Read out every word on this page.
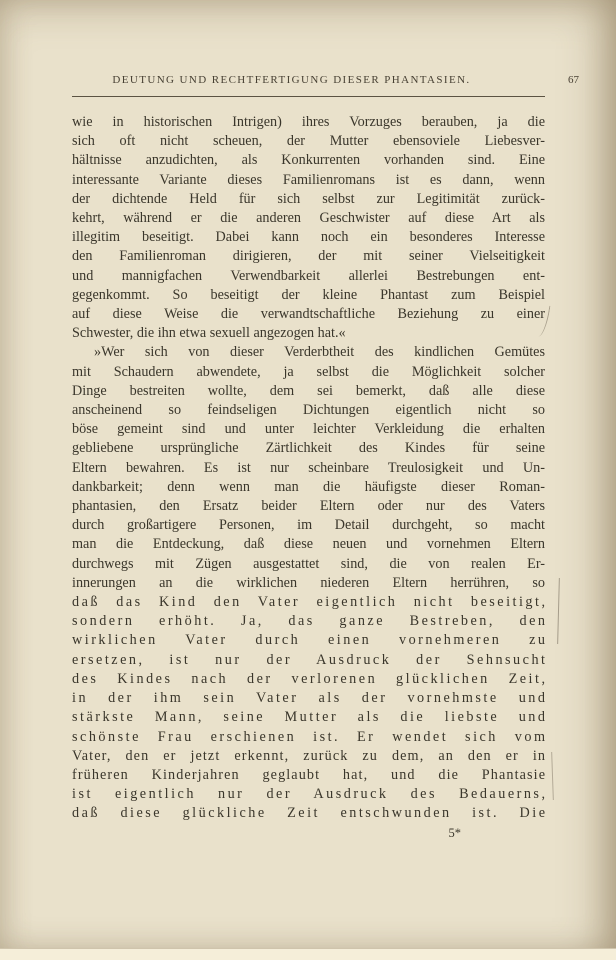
DEUTUNG UND RECHTFERTIGUNG DIESER PHANTASIEN.	67
wie in historischen Intrigen) ihres Vorzuges berauben, ja die
sich oft nicht scheuen, der Mutter ebensoviele Liebesver-
hältnisse anzudichten, als Konkurrenten vorhanden sind. Eine
interessante Variante dieses Familienromans ist es dann, wenn
der dichtende Held für sich selbst zur Legitimität zurück-
kehrt, während er die anderen Geschwister auf diese Art als
illegitim beseitigt. Dabei kann noch ein besonderes Interesse
den Familienroman dirigieren, der mit seiner Vielseitigkeit
und mannigfachen Verwendbarkeit allerlei Bestrebungen ent-
gegenkommt. So beseitigt der kleine Phantast zum Beispiel
auf diese Weise die verwandtschaftliche Beziehung zu einer
Schwester, die ihn etwa sexuell angezogen hat.«
»Wer sich von dieser Verderbtheit des kindlichen Gemütes
mit Schaudern abwendete, ja selbst die Möglichkeit solcher
Dinge bestreiten wollte, dem sei bemerkt, daß alle diese
anscheinend so feindseligen Dichtungen eigentlich nicht so
böse gemeint sind und unter leichter Verkleidung die erhalten
gebliebene ursprüngliche Zärtlichkeit des Kindes für seine
Eltern bewahren. Es ist nur scheinbare Treulosigkeit und Un-
dankbarkeit; denn wenn man die häufigste dieser Roman-
phantasien, den Ersatz beider Eltern oder nur des Vaters
durch großartigere Personen, im Detail durchgeht, so macht
man die Entdeckung, daß diese neuen und vornehmen Eltern
durchwegs mit Zügen ausgestattet sind, die von realen Er-
innerungen an die wirklichen niederen Eltern herrühren, so
daß das Kind den Vater eigentlich nicht beseitigt,
sondern erhöht. Ja, das ganze Bestreben, den
wirklichen Vater durch einen vornehmeren zu
ersetzen, ist nur der Ausdruck der Sehnsucht
des Kindes nach der verlorenen glücklichen Zeit,
in der ihm sein Vater als der vornehmste und
stärkste Mann, seine Mutter als die liebste und
schönste Frau erschienen ist. Er wendet sich vom
Vater, den er jetzt erkennt, zurück zu dem, an den er in
früheren Kinderjahren geglaubt hat, und die Phantasie
ist eigentlich nur der Ausdruck des Bedauerns,
daß diese glückliche Zeit entschwunden ist. Die
5*
